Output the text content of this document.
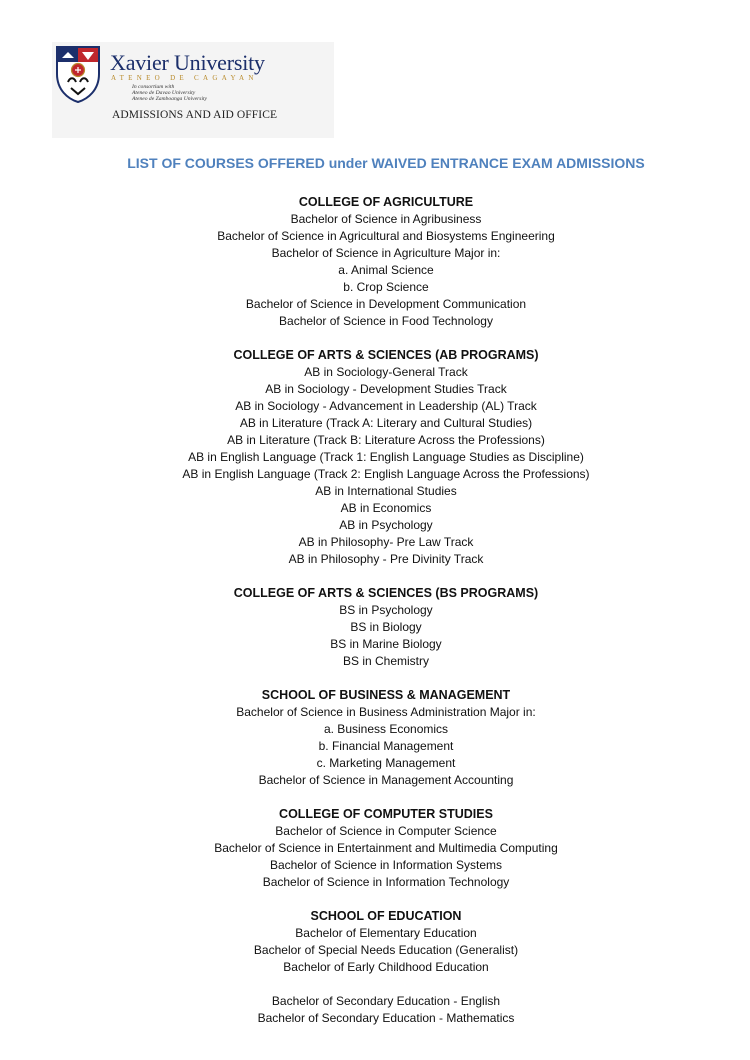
Xavier University
ATENEO DE CAGAYAN
In consortium with
Ateneo de Davao University
Ateneo de Zamboanga University
ADMISSIONS AND AID OFFICE
LIST OF COURSES OFFERED under WAIVED ENTRANCE EXAM ADMISSIONS
COLLEGE OF AGRICULTURE
Bachelor of Science in Agribusiness
Bachelor of Science in Agricultural and Biosystems Engineering
Bachelor of Science in Agriculture Major in:
a. Animal Science
b. Crop Science
Bachelor of Science in Development Communication
Bachelor of Science in Food Technology
COLLEGE OF ARTS & SCIENCES (AB PROGRAMS)
AB in Sociology-General Track
AB in Sociology - Development Studies Track
AB in Sociology - Advancement in Leadership (AL) Track
AB in Literature (Track A: Literary and Cultural Studies)
AB in Literature (Track B: Literature Across the Professions)
AB in English Language (Track 1: English Language Studies as Discipline)
AB in English Language (Track 2: English Language Across the Professions)
AB in International Studies
AB in Economics
AB in Psychology
AB in Philosophy- Pre Law Track
AB in Philosophy - Pre Divinity Track
COLLEGE OF ARTS & SCIENCES (BS PROGRAMS)
BS in Psychology
BS in Biology
BS in Marine Biology
BS in Chemistry
SCHOOL OF BUSINESS & MANAGEMENT
Bachelor of Science in Business Administration Major in:
a. Business Economics
b. Financial Management
c. Marketing Management
Bachelor of Science in Management Accounting
COLLEGE OF COMPUTER STUDIES
Bachelor of Science in Computer Science
Bachelor of Science in Entertainment and Multimedia Computing
Bachelor of Science in Information Systems
Bachelor of Science in Information Technology
SCHOOL OF EDUCATION
Bachelor of Elementary Education
Bachelor of Special Needs Education (Generalist)
Bachelor of Early Childhood Education
Bachelor of Secondary Education - English
Bachelor of Secondary Education - Mathematics
